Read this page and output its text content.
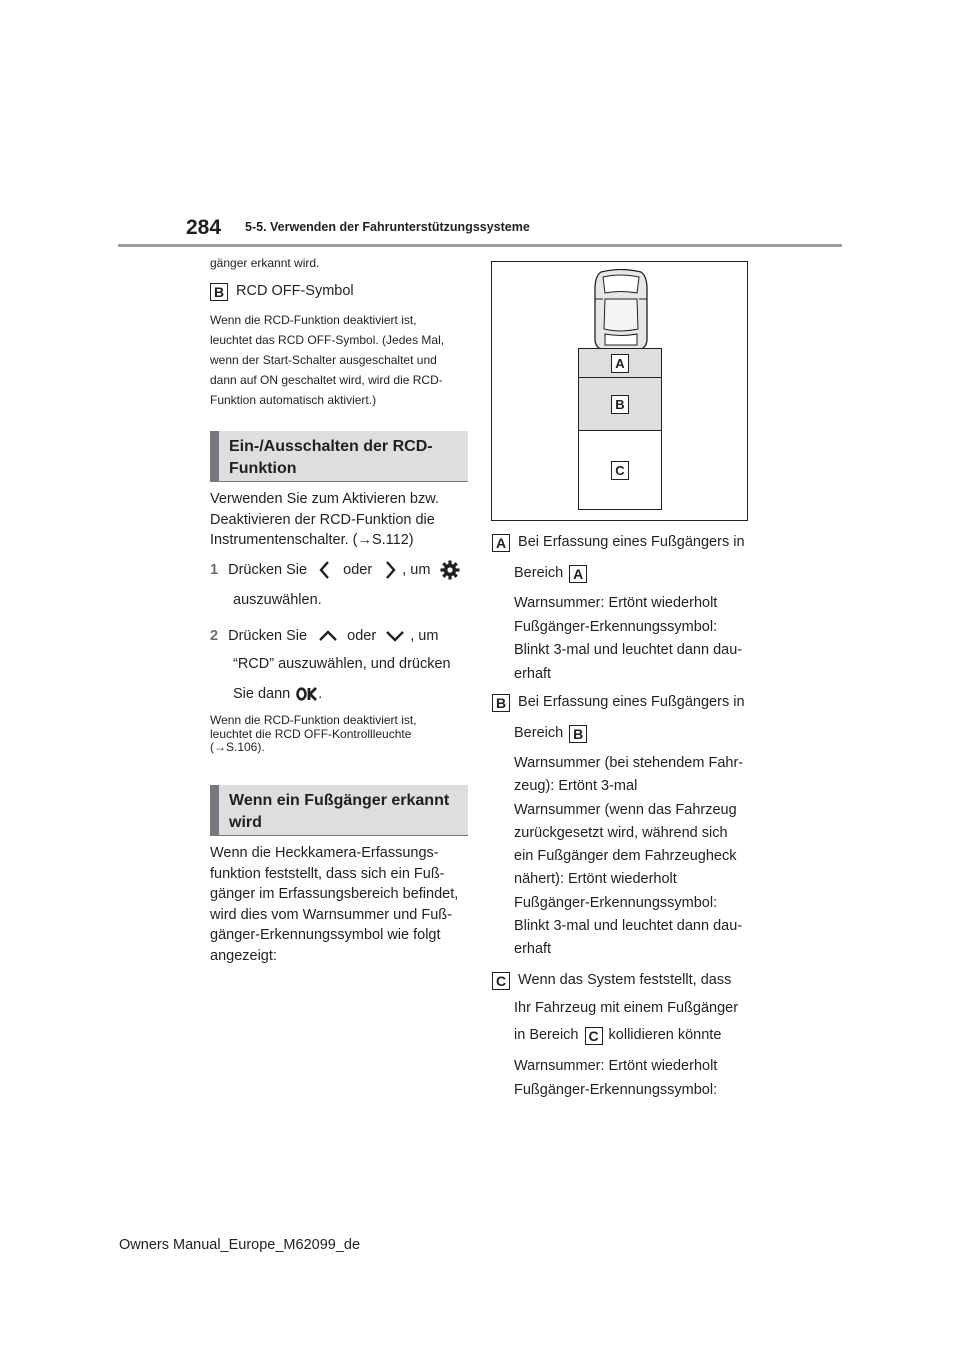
284 5-5. Verwenden der Fahrunterstützungssysteme
gänger erkannt wird.
B RCD OFF-Symbol
Wenn die RCD-Funktion deaktiviert ist,
leuchtet das RCD OFF-Symbol. (Jedes Mal,
wenn der Start-Schalter ausgeschaltet und
dann auf ON geschaltet wird, wird die RCD-
Funktion automatisch aktiviert.)
Ein-/Ausschalten der RCD-
Funktion
Verwenden Sie zum Aktivieren bzw.
Deaktivieren der RCD-Funktion die
Instrumentenschalter. (→S.112)
1 Drücken Sie oder , um
auszuwählen.
2 Drücken Sie	oder , um
“RCD” auszuwählen, und drücken
Sie dann .
Wenn die RCD-Funktion deaktiviert ist,
leuchtet die RCD OFF-Kontrollleuchte
(→S.106).
Wenn ein Fußgänger erkannt
wird
Wenn die Heckkamera-Erfassungs-
funktion feststellt, dass sich ein Fuß-
gänger im Erfassungsbereich befindet,
wird dies vom Warnsummer und Fuß-
gänger-Erkennungssymbol wie folgt
angezeigt:
A
B
C
A Bei Erfassung eines Fußgängers in
Bereich A
Warnsummer: Ertönt wiederholt
Fußgänger-Erkennungssymbol:
Blinkt 3-mal und leuchtet dann dau-
erhaft
B Bei Erfassung eines Fußgängers in
Bereich B
Warnsummer (bei stehendem Fahr-
zeug): Ertönt 3-mal
Warnsummer (wenn das Fahrzeug
zurückgesetzt wird, während sich
ein Fußgänger dem Fahrzeugheck
nähert): Ertönt wiederholt
Fußgänger-Erkennungssymbol:
Blinkt 3-mal und leuchtet dann dau-
erhaft
C Wenn das System feststellt, dass
Ihr Fahrzeug mit einem Fußgänger
in Bereich C kollidieren könnte
Warnsummer: Ertönt wiederholt
Fußgänger-Erkennungssymbol:
Owners Manual_Europe_M62099_de
